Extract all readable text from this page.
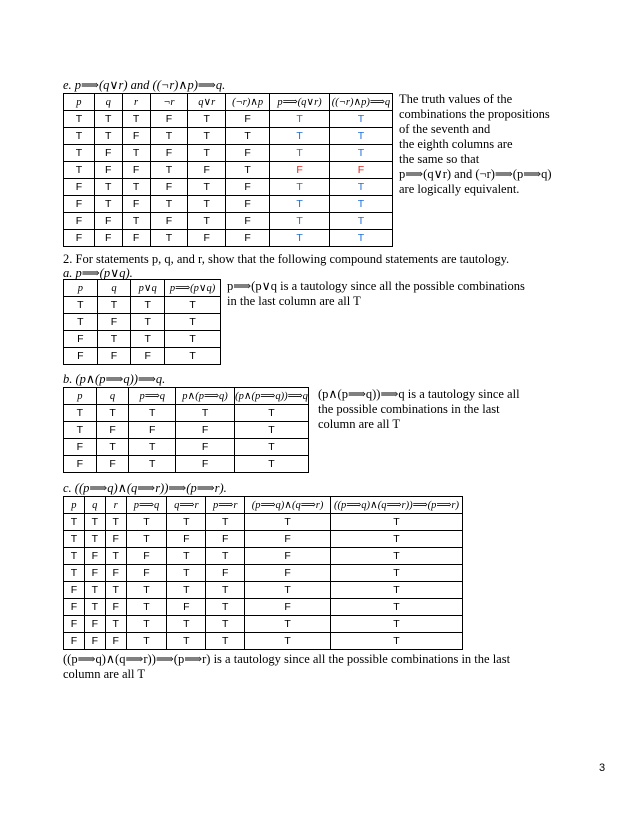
e. p⟹(q∨r) and ((¬r)∧p)⟹q.
p	q	r	¬r	q∨r	(¬r)∧p	p⟹(q∨r)	((¬r)∧p)⟹q
T	T	T	F	T	F	T	T
T	T	F	T	T	T	T	T
T	F	T	F	T	F	T	T
T	F	F	T	F	T	F	F
F	T	T	F	T	F	T	T
F	T	F	T	T	F	T	T
F	F	T	F	T	F	T	T
F	F	F	T	F	F	T	T
The truth values of the
combinations the propositions
of the seventh and
the eighth columns are
the same so that
p⟹(q∨r) and (¬r)⟹(p⟹q)
are logically equivalent.
2. For statements p, q, and r, show that the following compound statements are tautology.
a. p⟹(p∨q).
p	q	p∨q	p⟹(p∨q)
T	T	T	T
T	F	T	T
F	T	T	T
F	F	F	T
p⟹(p∨q is a tautology since all the possible combinations
in the last column are all T
b. (p∧(p⟹q))⟹q.
p	q	p⟹q	p∧(p⟹q)	(p∧(p⟹q))⟹q
T	T	T	T	T
T	F	F	F	T
F	T	T	F	T
F	F	T	F	T
(p∧(p⟹q))⟹q is a tautology since all
the possible combinations in the last
column are all T
c. ((p⟹q)∧(q⟹r))⟹(p⟹r).
p	q	r	p⟹q	q⟹r	p⟹r	(p⟹q)∧(q⟹r)	((p⟹q)∧(q⟹r))⟹(p⟹r)
T	T	T	T	T	T	T	T
T	T	F	T	F	F	F	T
T	F	T	F	T	T	F	T
T	F	F	F	T	F	F	T
F	T	T	T	T	T	T	T
F	T	F	T	F	T	F	T
F	F	T	T	T	T	T	T
F	F	F	T	T	T	T	T
((p⟹q)∧(q⟹r))⟹(p⟹r) is a tautology since all the possible combinations in the last
column are all T
3
